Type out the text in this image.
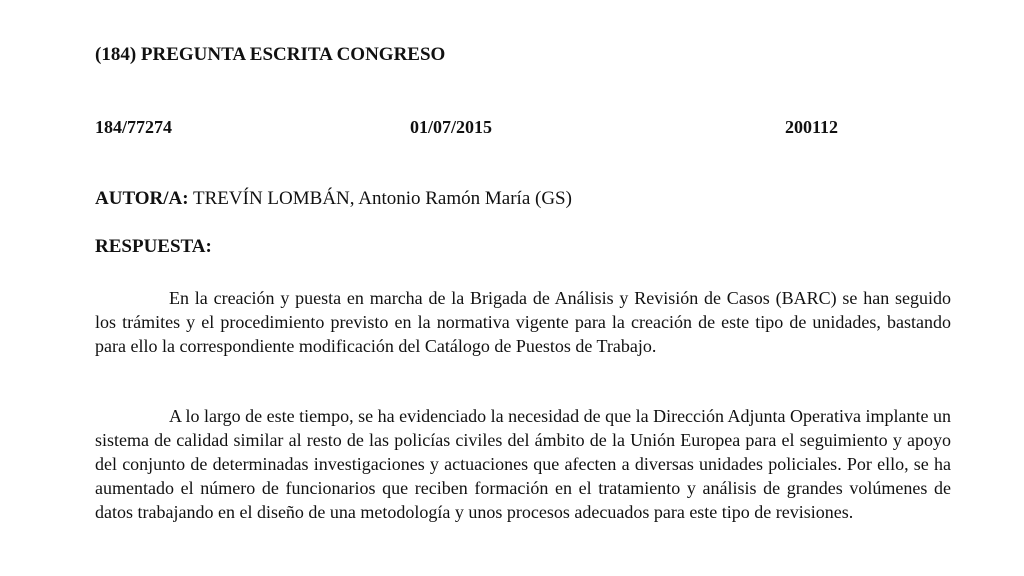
(184) PREGUNTA ESCRITA CONGRESO
184/77274	01/07/2015	200112
AUTOR/A: TREVÍN LOMBÁN, Antonio Ramón María (GS)
RESPUESTA:

En la creación y puesta en marcha de la Brigada de Análisis y Revisión de Casos (BARC) se han seguido los trámites y el procedimiento previsto en la normativa vigente para la creación de este tipo de unidades, bastando para ello la correspondiente modificación del Catálogo de Puestos de Trabajo.

A lo largo de este tiempo, se ha evidenciado la necesidad de que la Dirección Adjunta Operativa implante un sistema de calidad similar al resto de las policías civiles del ámbito de la Unión Europea para el seguimiento y apoyo del conjunto de determinadas investigaciones y actuaciones que afecten a diversas unidades policiales. Por ello, se ha aumentado el número de funcionarios que reciben formación en el tratamiento y análisis de grandes volúmenes de datos trabajando en el diseño de una metodología y unos procesos adecuados para este tipo de revisiones.
